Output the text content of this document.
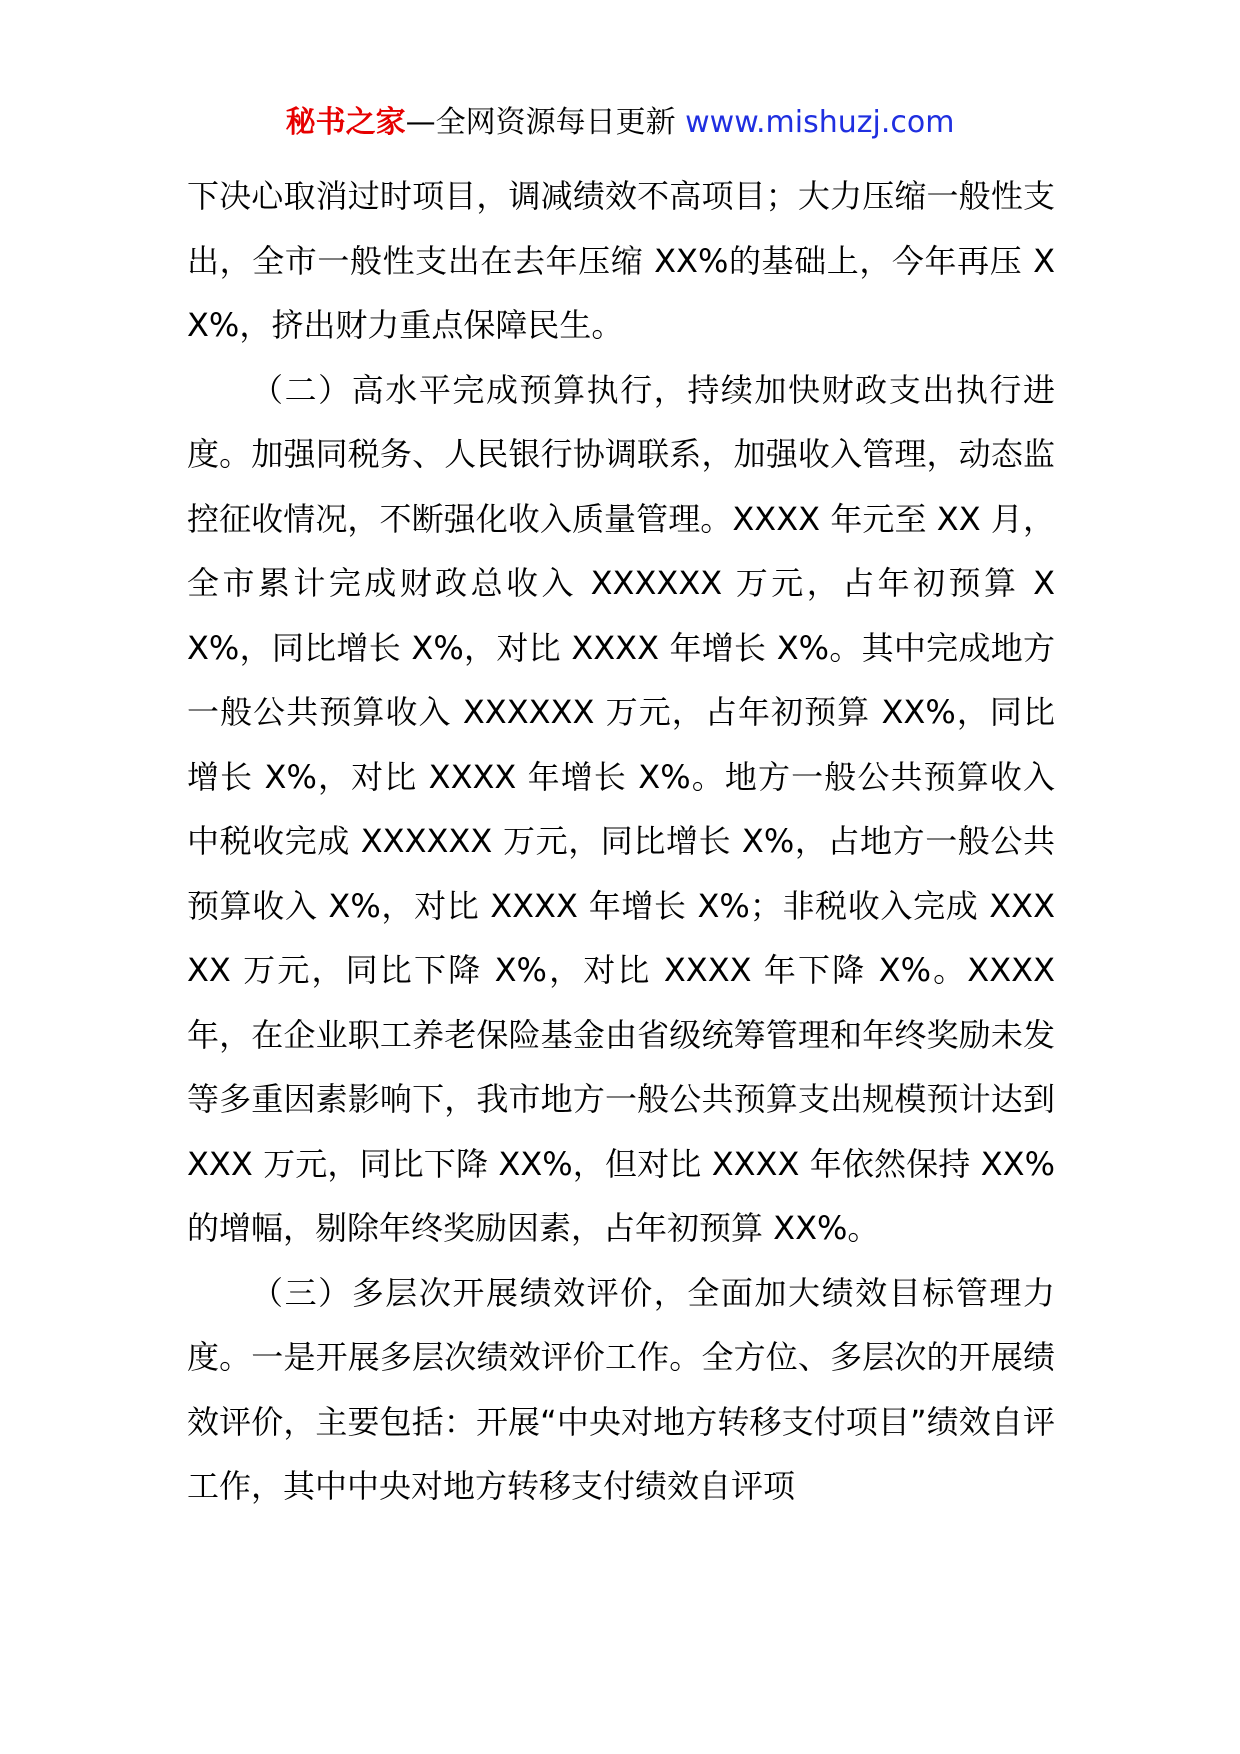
秘书之家—全网资源每日更新 www.mishuzj.com

下决心取消过时项目，调减绩效不高项目；大力压缩一般性支出，全市一般性支出在去年压缩 XX%的基础上，今年再压 XX%，挤出财力重点保障民生。

（二）高水平完成预算执行，持续加快财政支出执行进度。加强同税务、人民银行协调联系，加强收入管理，动态监控征收情况，不断强化收入质量管理。XXXX 年元至 XX 月，全市累计完成财政总收入 XXXXXX 万元，占年初预算 XX%，同比增长 X%，对比 XXXX 年增长 X%。其中完成地方一般公共预算收入 XXXXXX 万元，占年初预算 XX%，同比增长 X%，对比 XXXX 年增长 X%。地方一般公共预算收入中税收完成 XXXXXX 万元，同比增长 X%，占地方一般公共预算收入 X%，对比 XXXX 年增长 X%；非税收入完成 XXXXX 万元，同比下降 X%，对比 XXXX 年下降 X%。XXXX 年，在企业职工养老保险基金由省级统筹管理和年终奖励未发等多重因素影响下，我市地方一般公共预算支出规模预计达到 XXX 万元，同比下降 XX%，但对比 XXXX 年依然保持 XX%的增幅，剔除年终奖励因素，占年初预算 XX%。

（三）多层次开展绩效评价，全面加大绩效目标管理力度。一是开展多层次绩效评价工作。全方位、多层次的开展绩效评价，主要包括：开展“中央对地方转移支付项目”绩效自评工作，其中中央对地方转移支付绩效自评项
